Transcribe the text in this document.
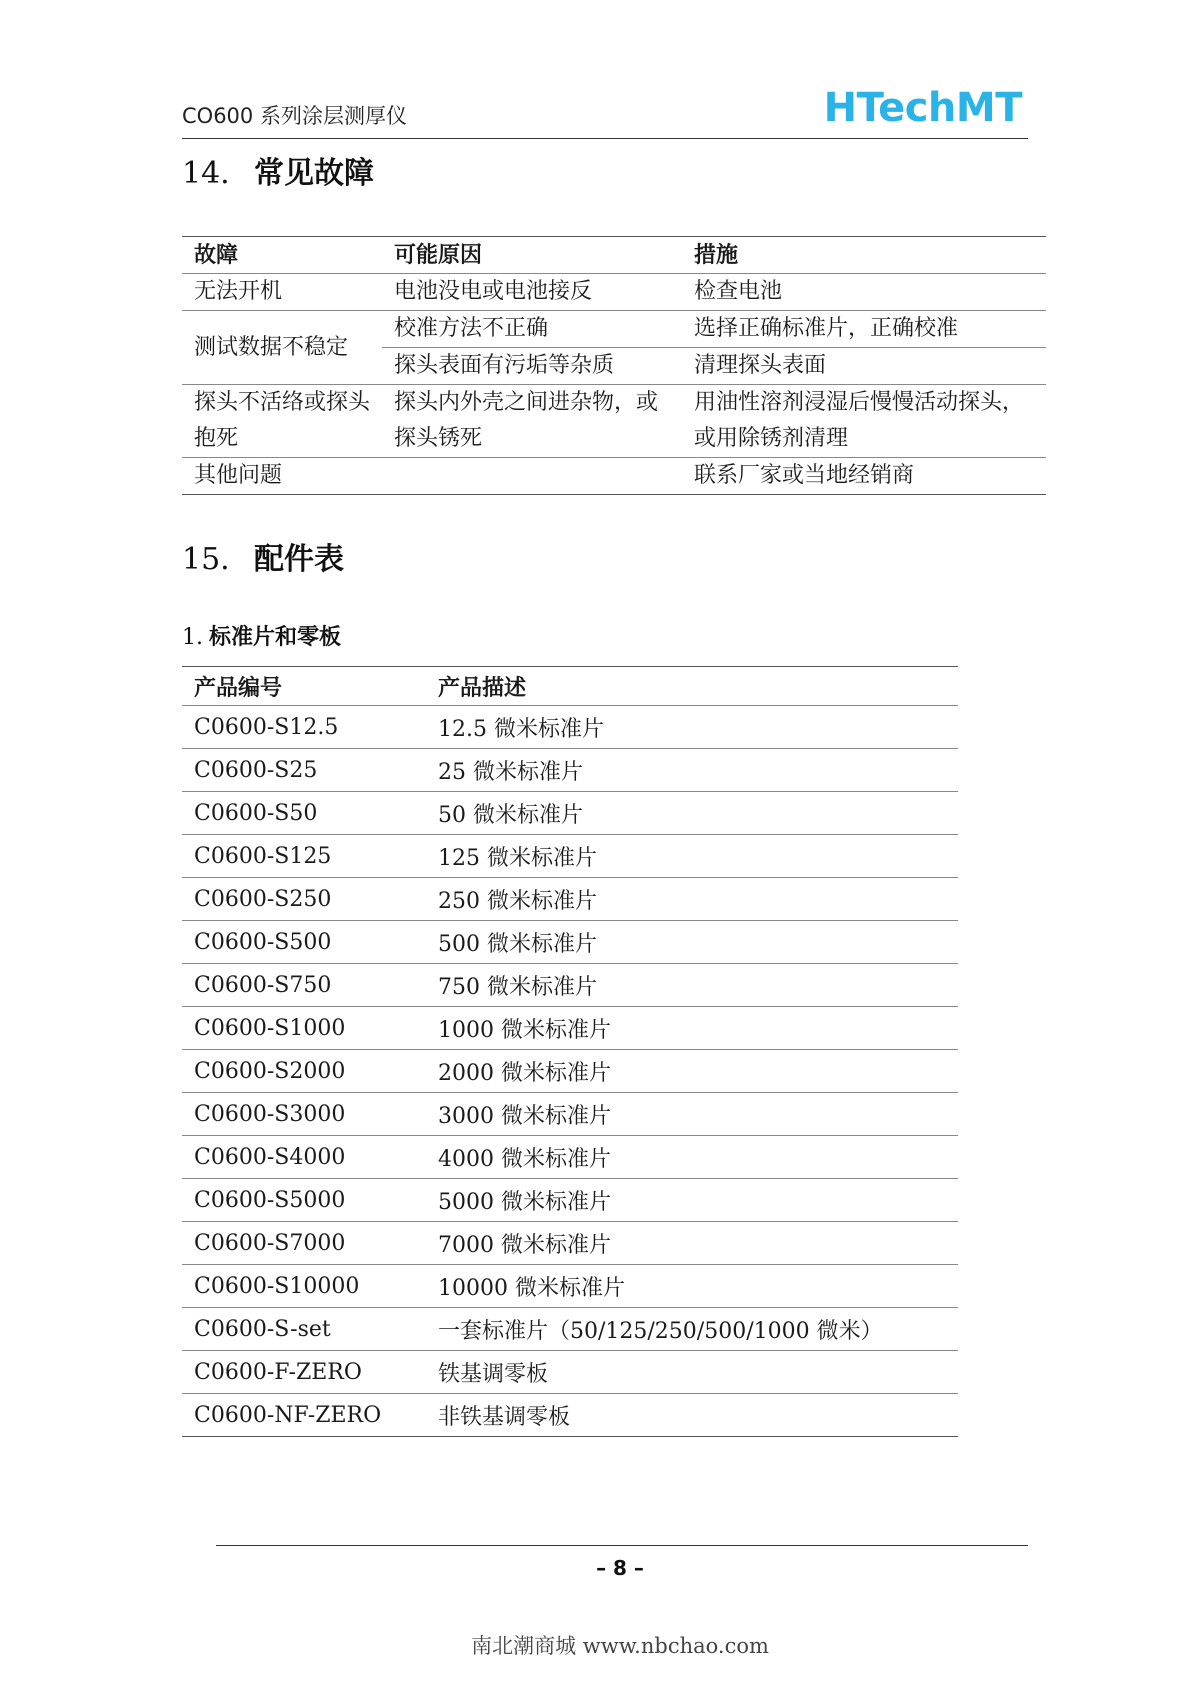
CO600 系列涂层测厚仪	HTechMT
14. 常见故障
故障	可能原因	措施
无法开机	电池没电或电池接反	检查电池
测试数据不稳定	校准方法不正确	选择正确标准片，正确校准
	探头表面有污垢等杂质	清理探头表面
探头不活络或探头抱死	探头内外壳之间进杂物，或探头锈死	用油性溶剂浸湿后慢慢活动探头，或用除锈剂清理
其他问题		联系厂家或当地经销商
15. 配件表
1. 标准片和零板
产品编号	产品描述
C0600-S12.5	12.5 微米标准片
C0600-S25	25 微米标准片
C0600-S50	50 微米标准片
C0600-S125	125 微米标准片
C0600-S250	250 微米标准片
C0600-S500	500 微米标准片
C0600-S750	750 微米标准片
C0600-S1000	1000 微米标准片
C0600-S2000	2000 微米标准片
C0600-S3000	3000 微米标准片
C0600-S4000	4000 微米标准片
C0600-S5000	5000 微米标准片
C0600-S7000	7000 微米标准片
C0600-S10000	10000 微米标准片
C0600-S-set	一套标准片（50/125/250/500/1000 微米）
C0600-F-ZERO	铁基调零板
C0600-NF-ZERO	非铁基调零板
– 8 –
南北潮商城 www.nbchao.com
